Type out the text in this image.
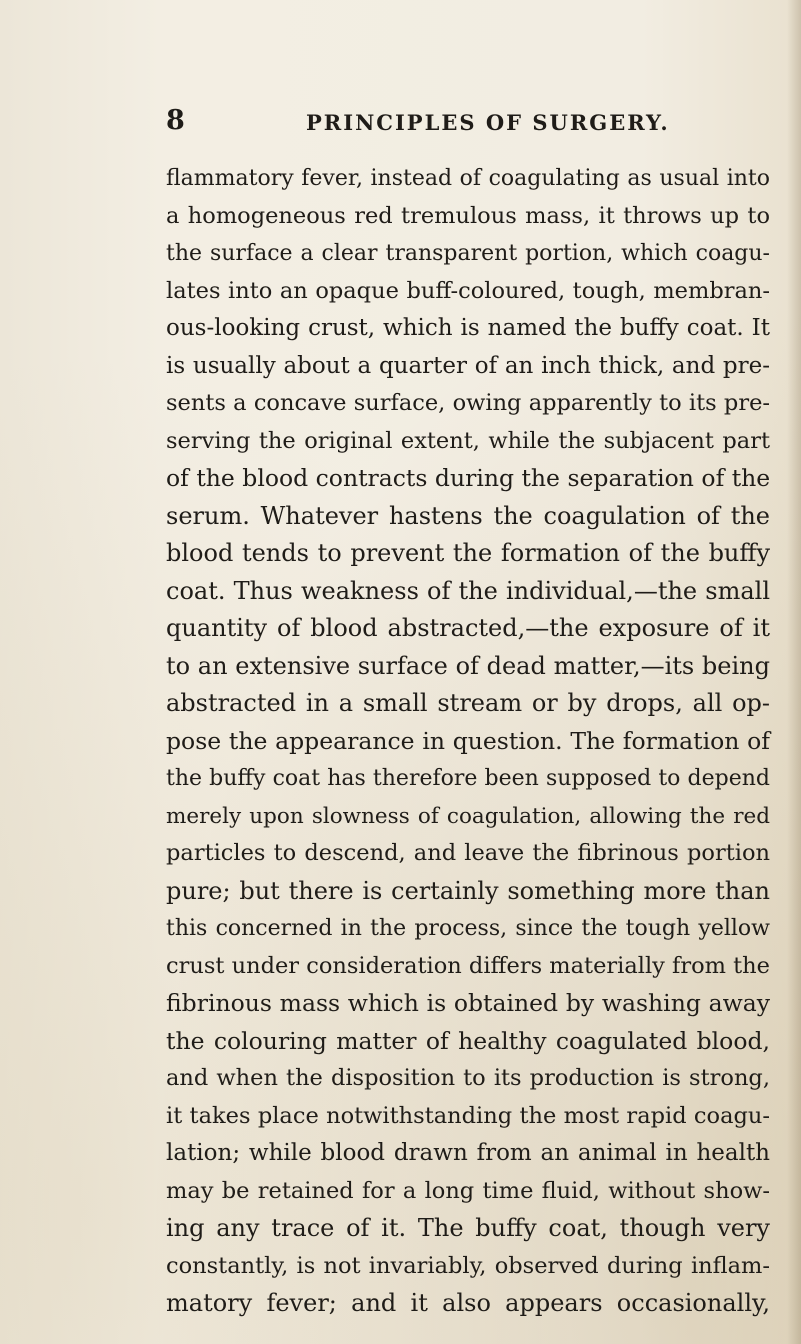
8	PRINCIPLES OF SURGERY.
flammatory fever, instead of coagulating as usual into
a homogeneous red tremulous mass, it throws up to
the surface a clear transparent portion, which coagu-
lates into an opaque buff-coloured, tough, membran-
ous-looking crust, which is named the buffy coat. It
is usually about a quarter of an inch thick, and pre-
sents a concave surface, owing apparently to its pre-
serving the original extent, while the subjacent part
of the blood contracts during the separation of the
serum. Whatever hastens the coagulation of the
blood tends to prevent the formation of the buffy
coat. Thus weakness of the individual,—the small
quantity of blood abstracted,—the exposure of it
to an extensive surface of dead matter,—its being
abstracted in a small stream or by drops, all op-
pose the appearance in question. The formation of
the buffy coat has therefore been supposed to depend
merely upon slowness of coagulation, allowing the red
particles to descend, and leave the fibrinous portion
pure; but there is certainly something more than
this concerned in the process, since the tough yellow
crust under consideration differs materially from the
fibrinous mass which is obtained by washing away
the colouring matter of healthy coagulated blood,
and when the disposition to its production is strong,
it takes place notwithstanding the most rapid coagu-
lation; while blood drawn from an animal in health
may be retained for a long time fluid, without show-
ing any trace of it. The buffy coat, though very
constantly, is not invariably, observed during inflam-
matory fever; and it also appears occasionally,
